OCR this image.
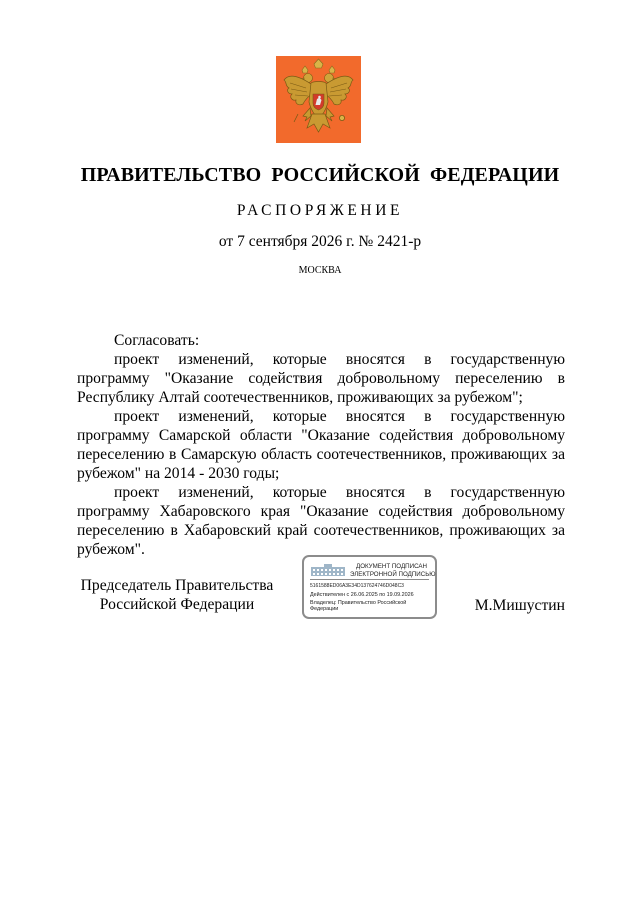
ПРАВИТЕЛЬСТВО РОССИЙСКОЙ ФЕДЕРАЦИИ
РАСПОРЯЖЕНИЕ
от 7 сентября 2026 г. № 2421-р
МОСКВА

Согласовать:

проект изменений, которые вносятся в государственную программу "Оказание содействия добровольному переселению в Республику Алтай соотечественников, проживающих за рубежом";

проект изменений, которые вносятся в государственную программу Самарской области "Оказание содействия добровольному переселению в Самарскую область соотечественников, проживающих за рубежом" на 2014 - 2030 годы;

проект изменений, которые вносятся в государственную программу Хабаровского края "Оказание содействия добровольному переселению в Хабаровский край соотечественников, проживающих за рубежом".

Председатель Правительства
Российской Федерации
ДОКУМЕНТ ПОДПИСАН
ЭЛЕКТРОННОЙ ПОДПИСЬЮ
5161588ED06A3E34D137624746D048C3
Действителен с 26.06.2025 по 19.09.2026
Владелец: Правительство Российской Федерации	М.Мишустин
